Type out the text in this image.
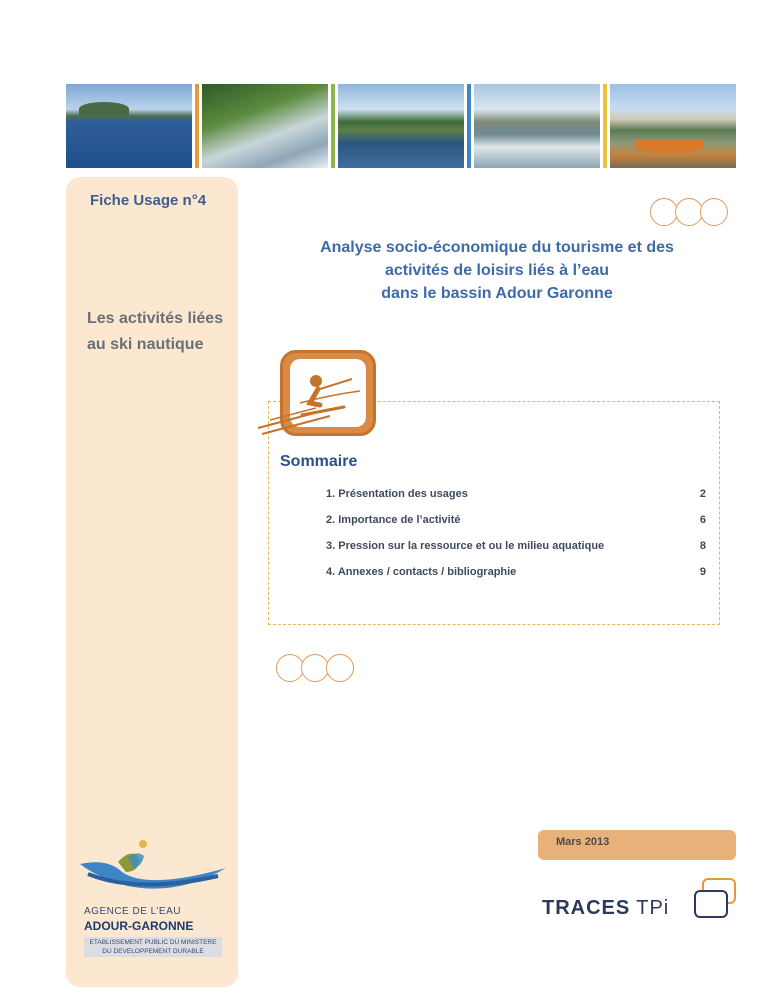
Fiche Usage n°4
Les activités liées au ski nautique
Analyse socio-économique du tourisme et des
activités de loisirs liés à l’eau
dans le bassin Adour Garonne
Sommaire
1. Présentation des usages	2
2. Importance de l’activité	6
3. Pression sur la ressource et ou le milieu aquatique	8
4. Annexes / contacts / bibliographie	9
Mars 2013
TRACES TPi
AGENCE DE L’EAU
ADOUR-GARONNE
ETABLISSEMENT PUBLIC DU MINISTERE
DU DEVELOPPEMENT DURABLE
